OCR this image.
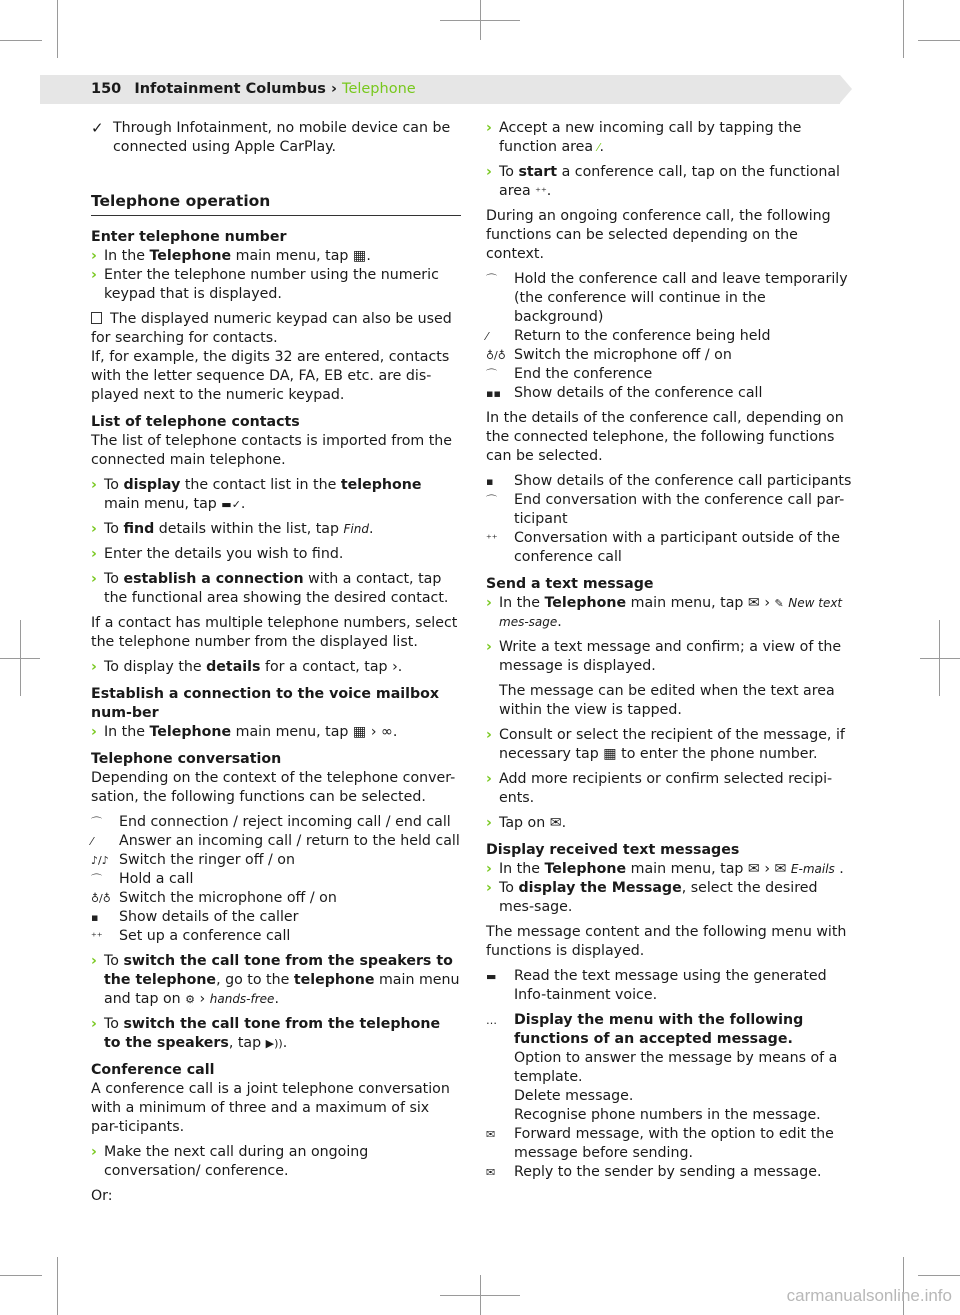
150 Infotainment Columbus › Telephone
✓ Through Infotainment, no mobile device can be connected using Apple CarPlay.
Telephone operation
Enter telephone number
› In the Telephone main menu, tap ▦.
› Enter the telephone number using the numeric keypad that is displayed.
The displayed numeric keypad can also be used for searching for contacts.

If, for example, the digits 32 are entered, contacts with the letter sequence DA, FA, EB etc. are dis-played next to the numeric keypad.

List of telephone contacts

The list of telephone contacts is imported from the connected main telephone.

› To display the contact list in the telephone main menu, tap ▬✓.
› To find details within the list, tap Find.
› Enter the details you wish to find.
› To establish a connection with a contact, tap the functional area showing the desired contact.

If a contact has multiple telephone numbers, select the telephone number from the displayed list.

› To display the details for a contact, tap ›.
Establish a connection to the voice mailbox num-ber
› In the Telephone main menu, tap ▦ › ∞.
Telephone conversation

Depending on the context of the telephone conver-sation, the following functions can be selected.

⌒	End connection / reject incoming call / end call
⁄	Answer an incoming call / return to the held call
♪/♪ Switch the ringer off / on
⌒	Hold a call
♁/♁ Switch the microphone off / on
▪	Show details of the caller
⁺⁺	Set up a conference call
› To switch the call tone from the speakers to the telephone, go to the telephone main menu and tap on ⚙ › hands-free.
› To switch the call tone from the telephone to the speakers, tap ▶)).
Conference call

A conference call is a joint telephone conversation with a minimum of three and a maximum of six par-ticipants.

› Make the next call during an ongoing conversation/ conference.

Or:

› Accept a new incoming call by tapping the function area ⁄.
› To start a conference call, tap on the functional area ⁺⁺.

During an ongoing conference call, the following functions can be selected depending on the context.

⌒	Hold the conference call and leave temporarily (the conference will continue in the background)
⁄	Return to the conference being held
♁/♁ Switch the microphone off / on
⌒	End the conference
▪▪ Show details of the conference call

In the details of the conference call, depending on the connected telephone, the following functions can be selected.

▪	Show details of the conference call participants
⌒	End conversation with the conference call par-ticipant
⁺⁺	Conversation with a participant outside of the conference call
Send a text message
› In the Telephone main menu, tap ✉ › ✎ New text mes-sage.
› Write a text message and confirm; a view of the message is displayed.

The message can be edited when the text area within the view is tapped.

› Consult or select the recipient of the message, if necessary tap ▦ to enter the phone number.
› Add more recipients or confirm selected recipi-ents.
› Tap on ✉.
Display received text messages
› In the Telephone main menu, tap ✉ › ✉ E-mails .
› To display the Message, select the desired mes-sage.

The message content and the following menu with functions is displayed.

▬	Read the text message using the generated Info-tainment voice.
…	Display the menu with the following functions of an accepted message.
Option to answer the message by means of a template.
Delete message.
Recognise phone numbers in the message.
✉	Forward message, with the option to edit the message before sending.
✉	Reply to the sender by sending a message.
carmanualsonline.info
